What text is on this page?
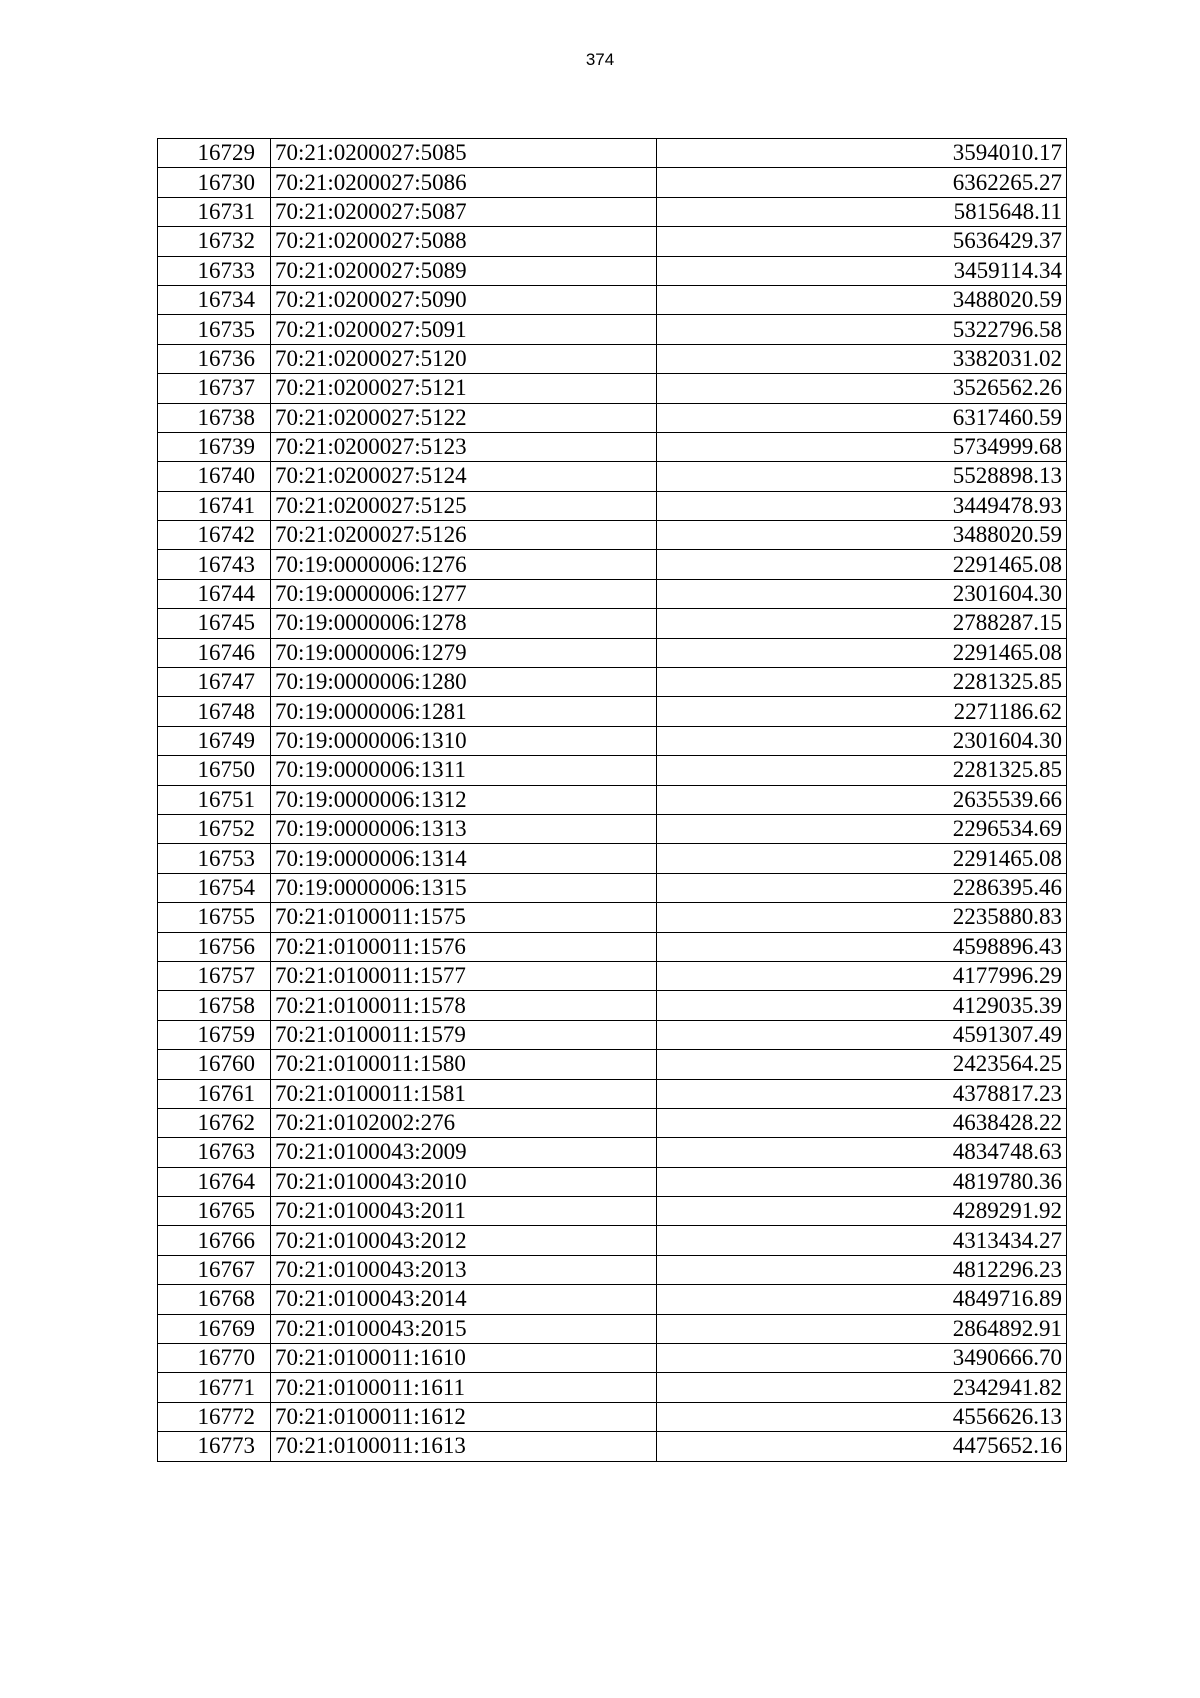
374
16729	70:21:0200027:5085	3594010.17
16730	70:21:0200027:5086	6362265.27
16731	70:21:0200027:5087	5815648.11
16732	70:21:0200027:5088	5636429.37
16733	70:21:0200027:5089	3459114.34
16734	70:21:0200027:5090	3488020.59
16735	70:21:0200027:5091	5322796.58
16736	70:21:0200027:5120	3382031.02
16737	70:21:0200027:5121	3526562.26
16738	70:21:0200027:5122	6317460.59
16739	70:21:0200027:5123	5734999.68
16740	70:21:0200027:5124	5528898.13
16741	70:21:0200027:5125	3449478.93
16742	70:21:0200027:5126	3488020.59
16743	70:19:0000006:1276	2291465.08
16744	70:19:0000006:1277	2301604.30
16745	70:19:0000006:1278	2788287.15
16746	70:19:0000006:1279	2291465.08
16747	70:19:0000006:1280	2281325.85
16748	70:19:0000006:1281	2271186.62
16749	70:19:0000006:1310	2301604.30
16750	70:19:0000006:1311	2281325.85
16751	70:19:0000006:1312	2635539.66
16752	70:19:0000006:1313	2296534.69
16753	70:19:0000006:1314	2291465.08
16754	70:19:0000006:1315	2286395.46
16755	70:21:0100011:1575	2235880.83
16756	70:21:0100011:1576	4598896.43
16757	70:21:0100011:1577	4177996.29
16758	70:21:0100011:1578	4129035.39
16759	70:21:0100011:1579	4591307.49
16760	70:21:0100011:1580	2423564.25
16761	70:21:0100011:1581	4378817.23
16762	70:21:0102002:276	4638428.22
16763	70:21:0100043:2009	4834748.63
16764	70:21:0100043:2010	4819780.36
16765	70:21:0100043:2011	4289291.92
16766	70:21:0100043:2012	4313434.27
16767	70:21:0100043:2013	4812296.23
16768	70:21:0100043:2014	4849716.89
16769	70:21:0100043:2015	2864892.91
16770	70:21:0100011:1610	3490666.70
16771	70:21:0100011:1611	2342941.82
16772	70:21:0100011:1612	4556626.13
16773	70:21:0100011:1613	4475652.16
